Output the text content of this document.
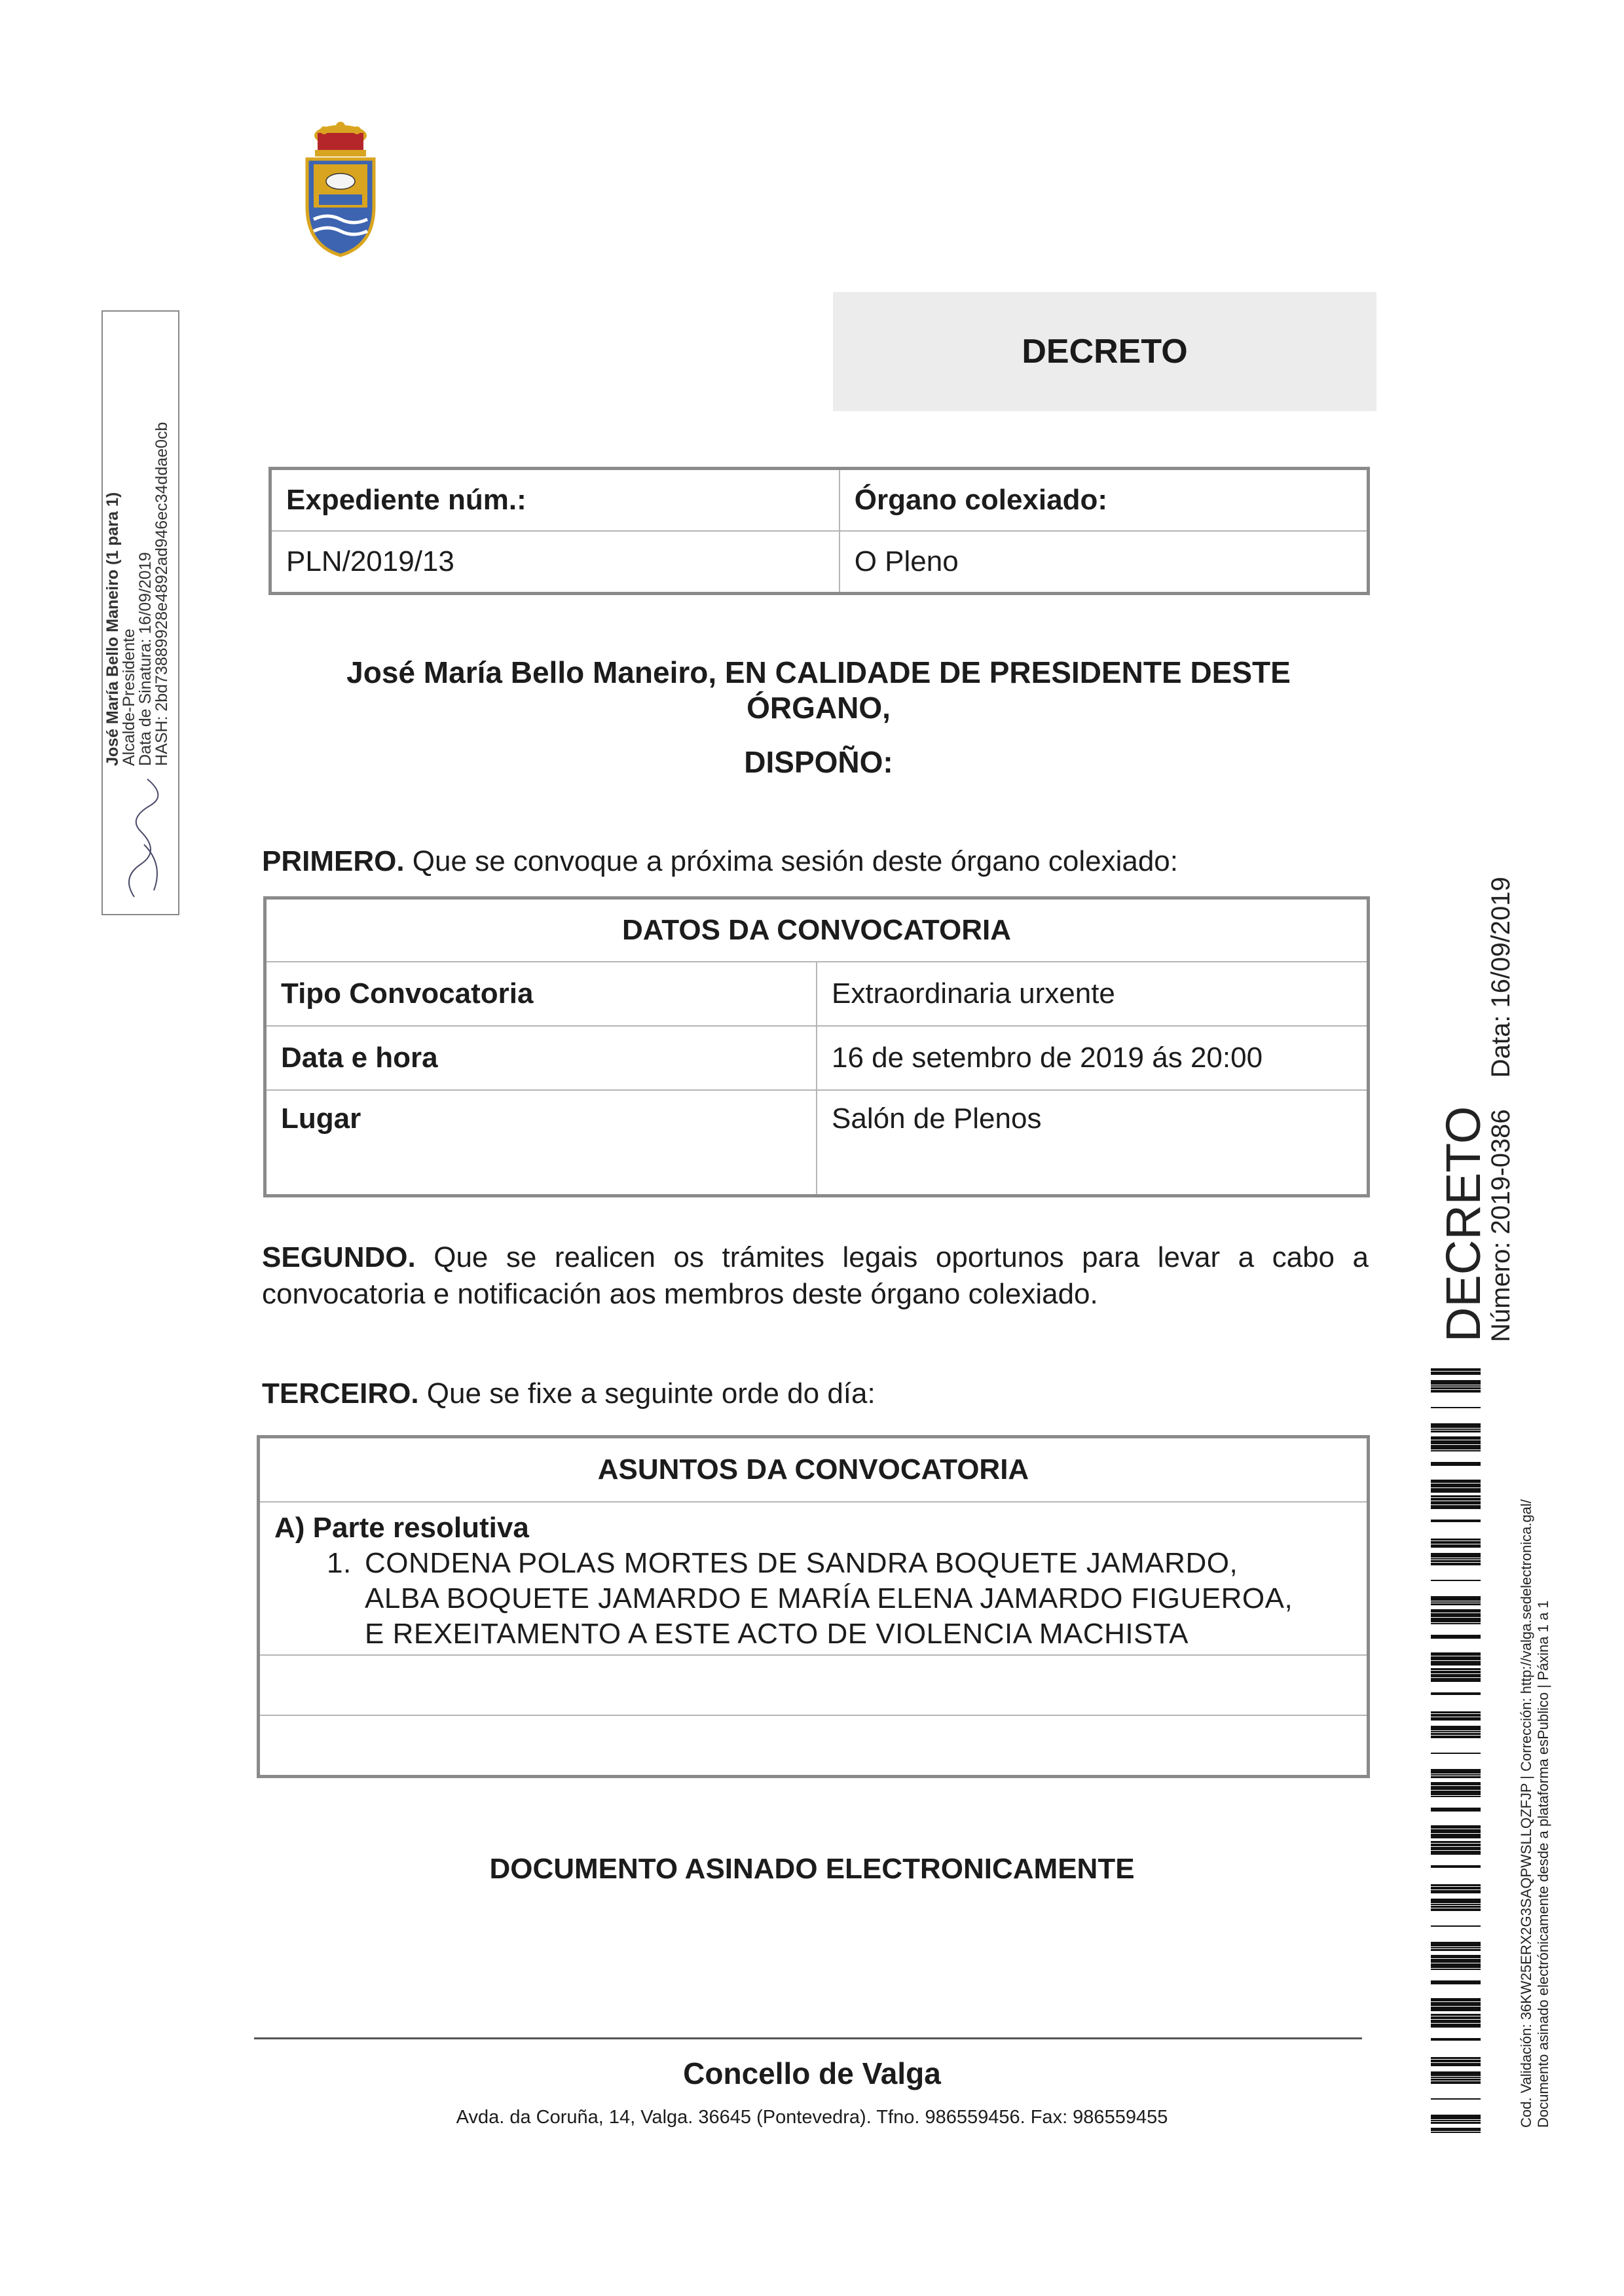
DECRETO
Expediente núm.:	Órgano colexiado:
PLN/2019/13	O Pleno
José María Bello Maneiro, EN CALIDADE DE PRESIDENTE DESTE
ÓRGANO,
DISPOÑO:
PRIMERO. Que se convoque a próxima sesión deste órgano colexiado:
DATOS DA CONVOCATORIA	
Tipo Convocatoria	Extraordinaria urxente
Data e hora	16 de setembro de 2019 ás 20:00
Lugar	Salón de Plenos
SEGUNDO. Que se realicen os trámites legais oportunos para levar a cabo a convocatoria e notificación aos membros deste órgano colexiado.
TERCEIRO. Que se fixe a seguinte orde do día:
ASUNTOS DA CONVOCATORIA

A) Parte resolutiva
1. CONDENA POLAS MORTES DE SANDRA BOQUETE JAMARDO,
ALBA BOQUETE JAMARDO E MARÍA ELENA JAMARDO FIGUEROA,
E REXEITAMENTO A ESTE ACTO DE VIOLENCIA MACHISTA

DOCUMENTO ASINADO ELECTRONICAMENTE
Concello de Valga
Avda. da Coruña, 14, Valga. 36645 (Pontevedra). Tfno. 986559456. Fax: 986559455
José María Bello Maneiro (1 para 1)
Alcalde-Presidente
Data de Sinatura: 16/09/2019
HASH: 2bd73889928e4892ad946ec34ddae0cb
DECRETO
Número: 2019-0386Data: 16/09/2019
Cod. Validación: 36KW25ERX2G3SAQPWSLLQZFJP | Corrección: http://valga.sedelectronica.gal/ Documento asinado electrónicamente desde a plataforma esPublico | Páxina 1 a 1
